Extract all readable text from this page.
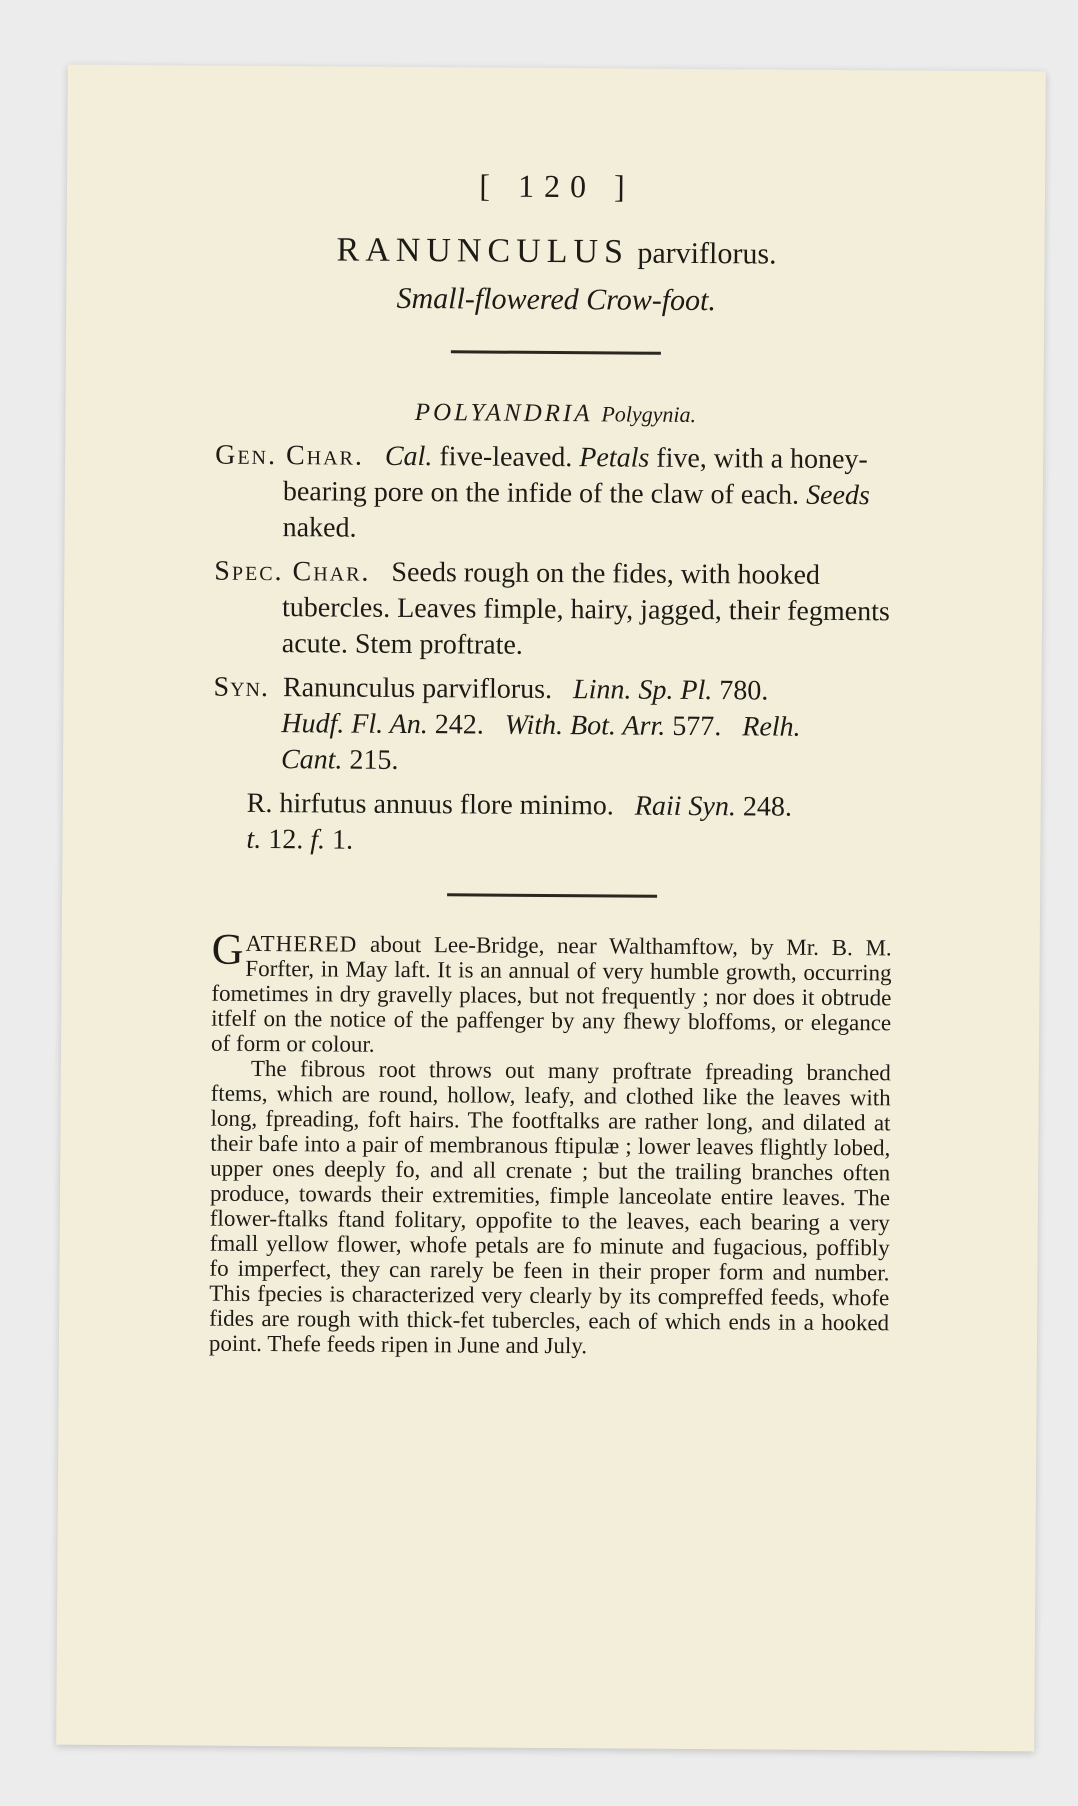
[ 120 ]
RANUNCULUS parviflorus.
Small-flowered Crow-foot.
POLYANDRIA Polygynia.
Gen. Char. Cal. five-leaved. Petals five, with a honey-bearing pore on the infide of the claw of each. Seeds naked.
Spec. Char. Seeds rough on the fides, with hooked tubercles. Leaves fimple, hairy, jagged, their fegments acute. Stem proftrate.
Syn. Ranunculus parviflorus. Linn. Sp. Pl. 780.
Hudf. Fl. An. 242. With. Bot. Arr. 577. Relh.
Cant. 215.
R. hirfutus annuus flore minimo. Raii Syn. 248.
t. 12. f. 1.

GATHERED about Lee-Bridge, near Walthamftow, by Mr. B. M. Forfter, in May laft. It is an annual of very humble growth, occurring fometimes in dry gravelly places, but not frequently ; nor does it obtrude itfelf on the notice of the paffenger by any fhewy bloffoms, or elegance of form or colour.

The fibrous root throws out many proftrate fpreading branched ftems, which are round, hollow, leafy, and clothed like the leaves with long, fpreading, foft hairs. The footftalks are rather long, and dilated at their bafe into a pair of membranous ftipulæ ; lower leaves flightly lobed, upper ones deeply fo, and all crenate ; but the trailing branches often produce, towards their extremities, fimple lanceolate entire leaves. The flower-ftalks ftand folitary, oppofite to the leaves, each bearing a very fmall yellow flower, whofe petals are fo minute and fugacious, poffibly fo imperfect, they can rarely be feen in their proper form and number. This fpecies is characterized very clearly by its compreffed feeds, whofe fides are rough with thick-fet tubercles, each of which ends in a hooked point. Thefe feeds ripen in June and July.
